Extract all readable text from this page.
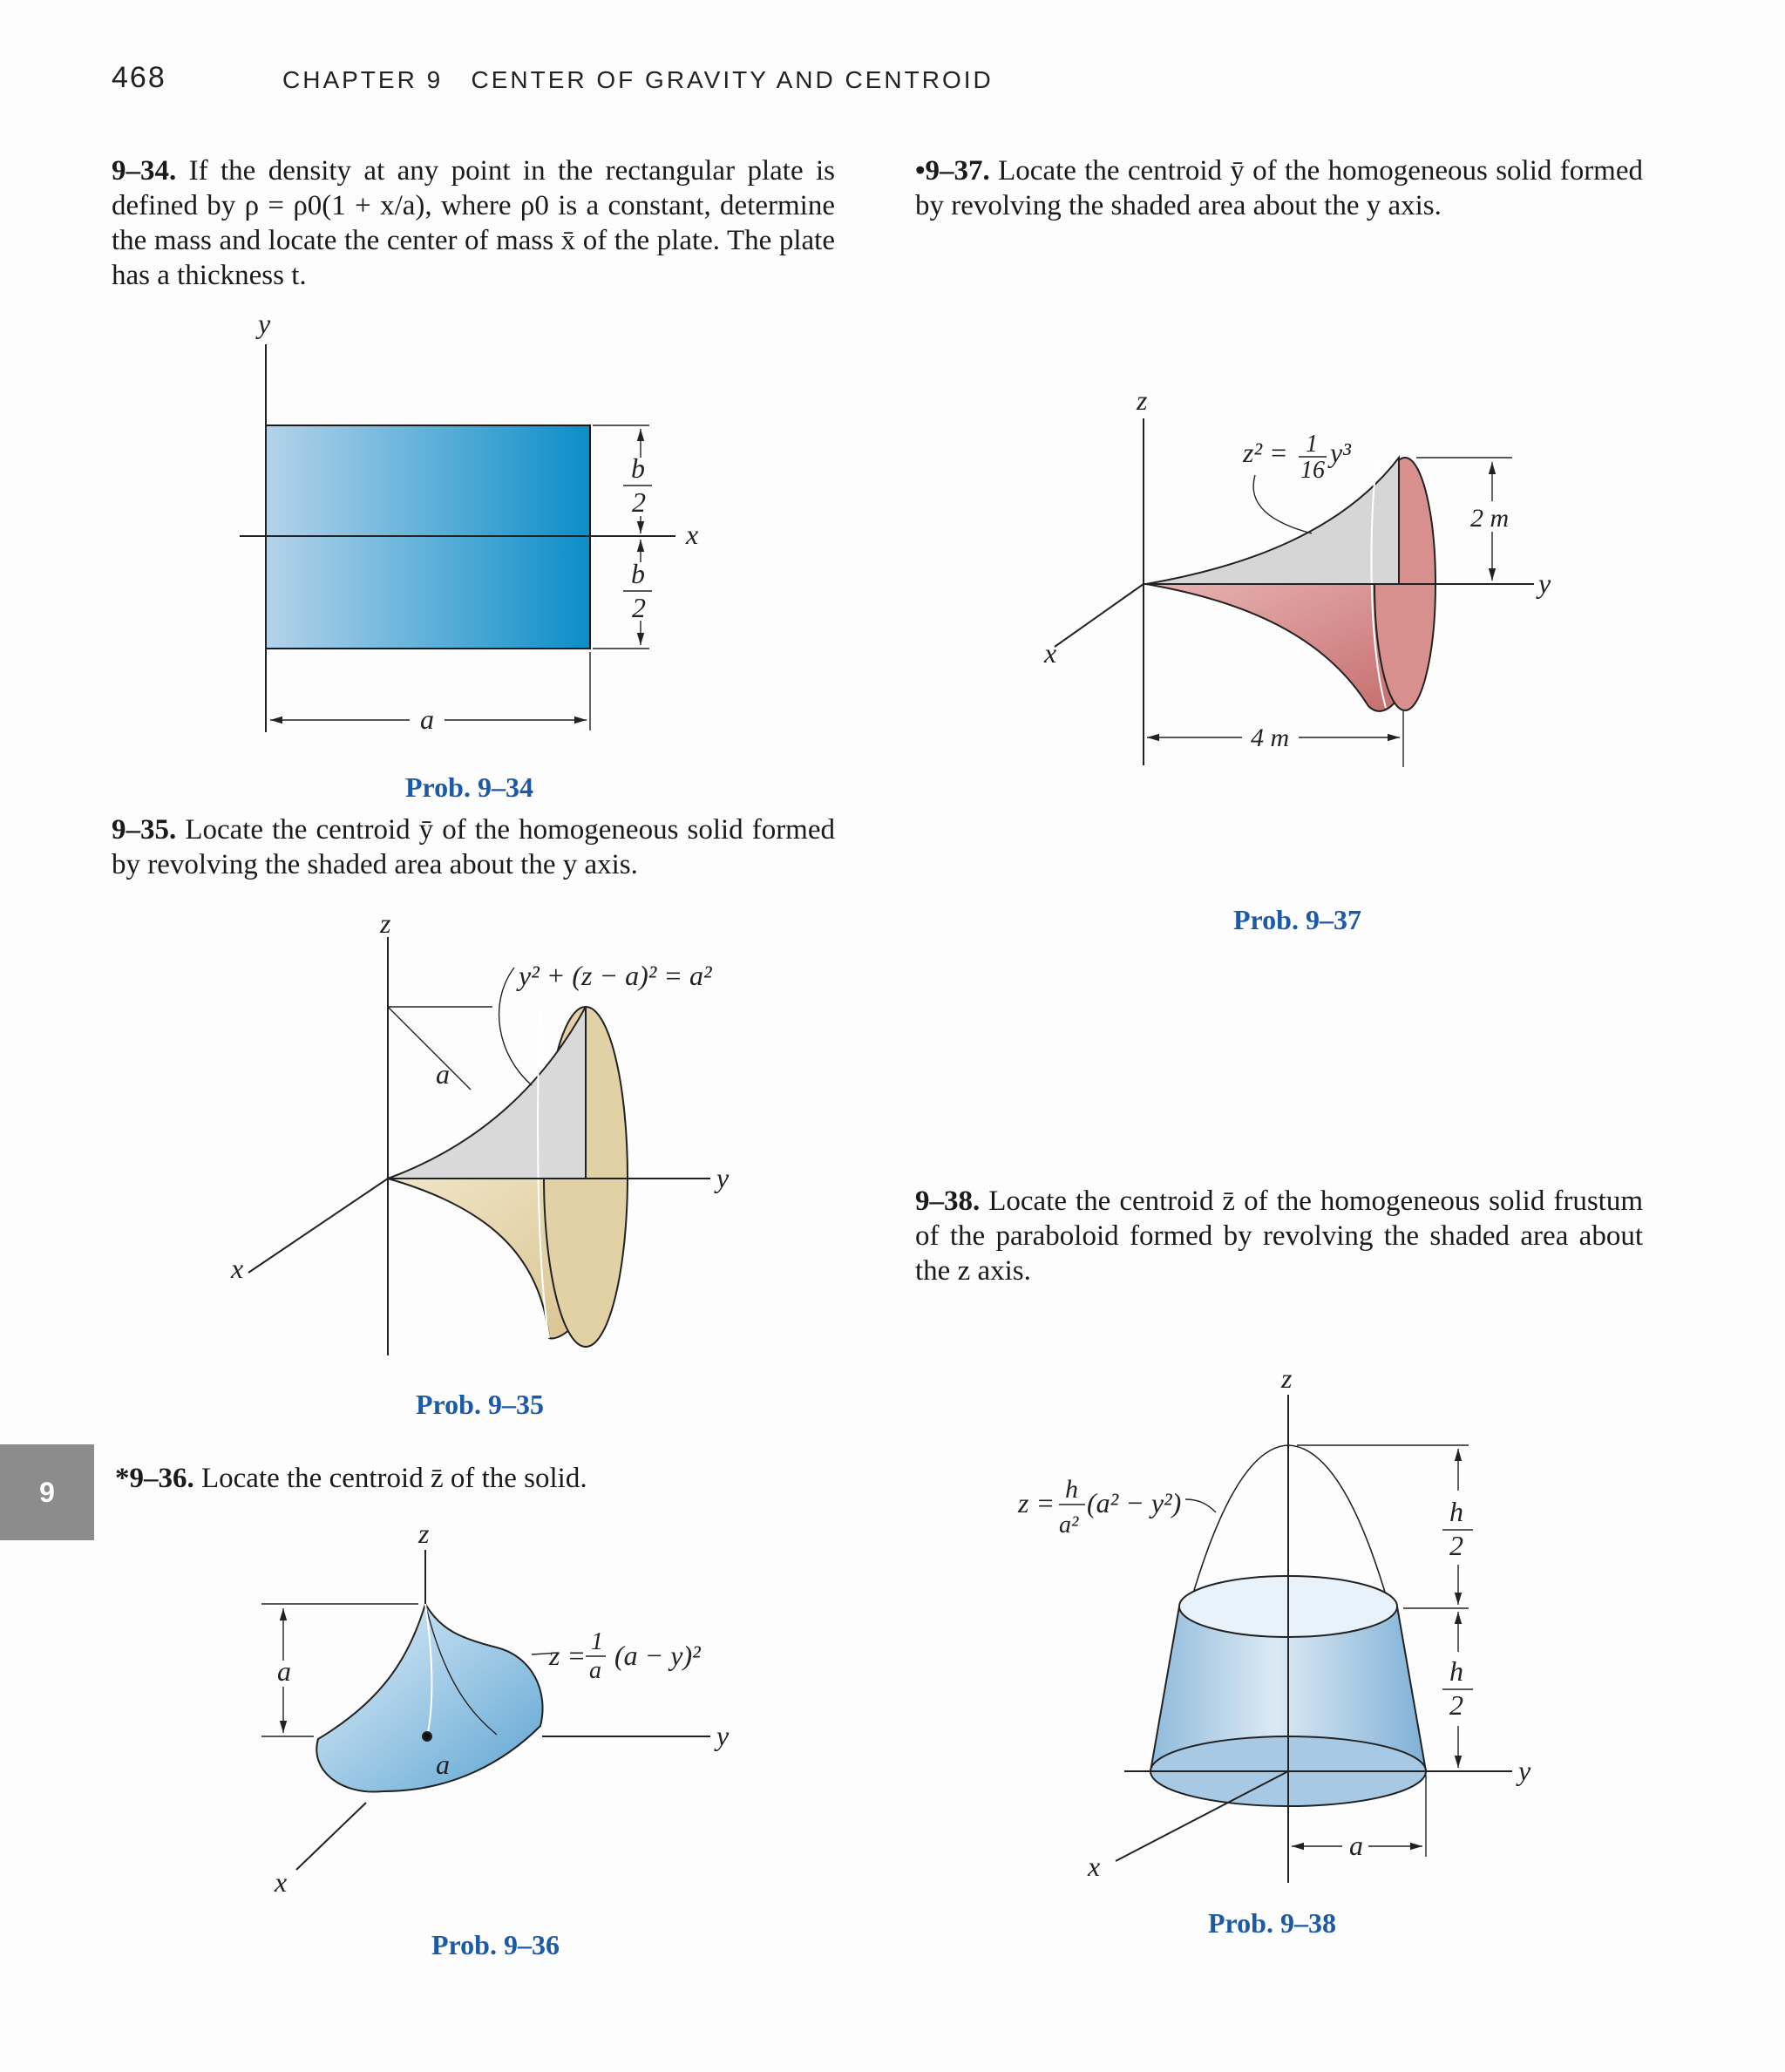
468	CHAPTER 9 CENTER OF GRAVITY AND CENTROID
9
9–34. If the density at any point in the rectangular plate is defined by ρ = ρ0(1 + x/a), where ρ0 is a constant, determine the mass and locate the center of mass x̄ of the plate. The plate has a thickness t.
9–35. Locate the centroid ȳ of the homogeneous solid formed by revolving the shaded area about the y axis.
*9–36. Locate the centroid z̄ of the solid.
•9–37. Locate the centroid ȳ of the homogeneous solid formed by revolving the shaded area about the y axis.
9–38. Locate the centroid z̄ of the homogeneous solid frustum of the paraboloid formed by revolving the shaded area about the z axis.
Prob. 9–34
Prob. 9–35
Prob. 9–36
Prob. 9–37
Prob. 9–38
y
x
a
b
2
b
2
z
y
x
a
y² + (z − a)² = a²
z
y
x
a
a
z = 1
a (a − y)²
z
y
x
z² = 1
16
y³
2 m
4 m
z
y
x
a
z = h
a²
(a² − y²)	h
2
h
2
